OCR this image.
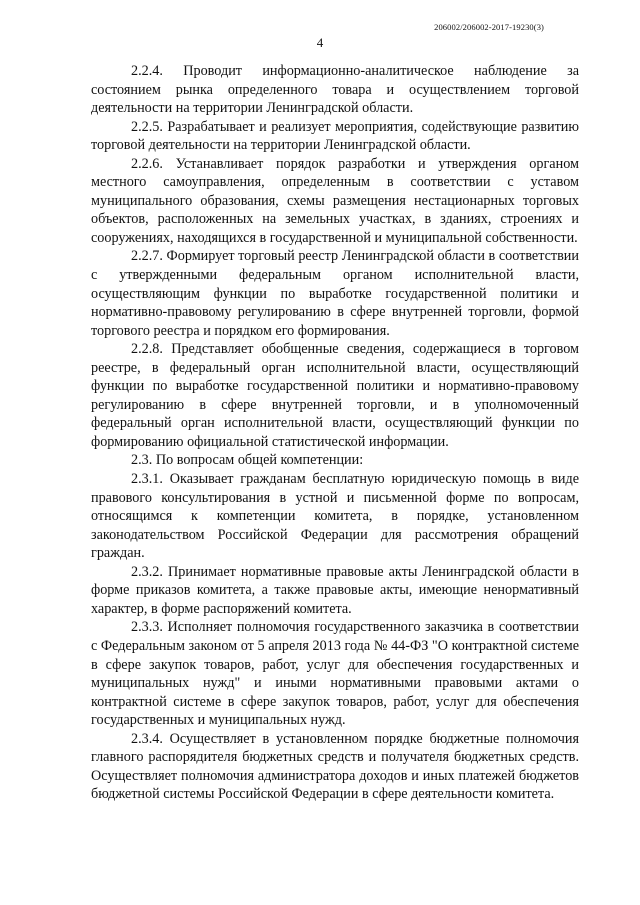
206002/206002-2017-19230(3)
4

2.2.4. Проводит информационно-аналитическое наблюдение за состоянием рынка определенного товара и осуществлением торговой деятельности на территории Ленинградской области.

2.2.5. Разрабатывает и реализует мероприятия, содействующие развитию торговой деятельности на территории Ленинградской области.

2.2.6. Устанавливает порядок разработки и утверждения органом местного самоуправления, определенным в соответствии с уставом муниципального образования, схемы размещения нестационарных торговых объектов, расположенных на земельных участках, в зданиях, строениях и сооружениях, находящихся в государственной и муниципальной собственности.

2.2.7. Формирует торговый реестр Ленинградской области в соответствии с утвержденными федеральным органом исполнительной власти, осуществляющим функции по выработке государственной политики и нормативно-правовому регулированию в сфере внутренней торговли, формой торгового реестра и порядком его формирования.

2.2.8. Представляет обобщенные сведения, содержащиеся в торговом реестре, в федеральный орган исполнительной власти, осуществляющий функции по выработке государственной политики и нормативно-правовому регулированию в сфере внутренней торговли, и в уполномоченный федеральный орган исполнительной власти, осуществляющий функции по формированию официальной статистической информации.

2.3. По вопросам общей компетенции:

2.3.1. Оказывает гражданам бесплатную юридическую помощь в виде правового консультирования в устной и письменной форме по вопросам, относящимся к компетенции комитета, в порядке, установленном законодательством Российской Федерации для рассмотрения обращений граждан.

2.3.2. Принимает нормативные правовые акты Ленинградской области в форме приказов комитета, а также правовые акты, имеющие ненормативный характер, в форме распоряжений комитета.

2.3.3. Исполняет полномочия государственного заказчика в соответствии с Федеральным законом от 5 апреля 2013 года № 44-ФЗ "О контрактной системе в сфере закупок товаров, работ, услуг для обеспечения государственных и муниципальных нужд" и иными нормативными правовыми актами о контрактной системе в сфере закупок товаров, работ, услуг для обеспечения государственных и муниципальных нужд.

2.3.4. Осуществляет в установленном порядке бюджетные полномочия главного распорядителя бюджетных средств и получателя бюджетных средств. Осуществляет полномочия администратора доходов и иных платежей бюджетов бюджетной системы Российской Федерации в сфере деятельности комитета.
